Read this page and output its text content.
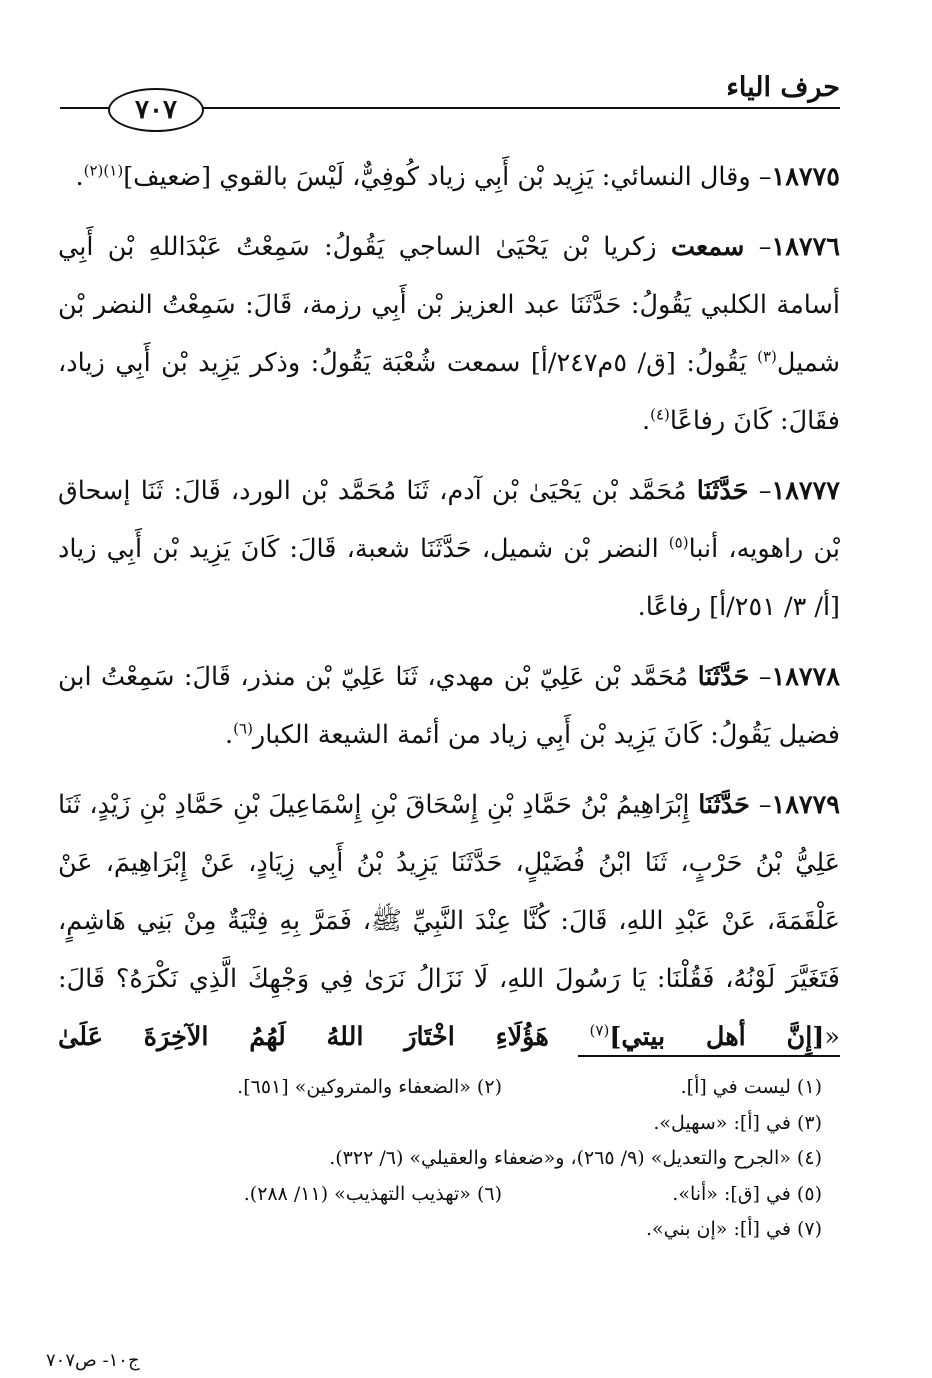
حرف الياء
٧٠٧

١٨٧٧٥– وقال النسائي: يَزِيد بْن أَبِي زياد كُوفِيٌّ، لَيْسَ بالقوي [ضعيف]$^{(١)(٢)}$.

١٨٧٧٦– سمعت زكريا بْن يَحْيَىٰ الساجي يَقُولُ: سَمِعْتُ عَبْدَاللهِ بْن أَبِي أسامة الكلبي يَقُولُ: حَدَّثَنَا عبد العزيز بْن أَبِي رزمة، قَالَ: سَمِعْتُ النضر بْن شميل$^{(٣)}$ يَقُولُ: [ق/ ٥م٢٤٧/أ] سمعت شُعْبَة يَقُولُ: وذكر يَزِيد بْن أَبِي زياد، فقَالَ: كَانَ رفاعًا$^{(٤)}$.

١٨٧٧٧– حَدَّثَنَا مُحَمَّد بْن يَحْيَىٰ بْن آدم، ثَنَا مُحَمَّد بْن الورد، قَالَ: ثَنَا إسحاق بْن راهويه، أنبا$^{(٥)}$ النضر بْن شميل، حَدَّثَنَا شعبة، قَالَ: كَانَ يَزِيد بْن أَبِي زياد [أ/ ٣/ ٢٥١/أ] رفاعًا.

١٨٧٧٨– حَدَّثَنَا مُحَمَّد بْن عَلِيّ بْن مهدي، ثَنَا عَلِيّ بْن منذر، قَالَ: سَمِعْتُ ابن فضيل يَقُولُ: كَانَ يَزِيد بْن أَبِي زياد من أئمة الشيعة الكبار$^{(٦)}$.

١٨٧٧٩– حَدَّثَنَا إِبْرَاهِيمُ بْنُ حَمَّادِ بْنِ إِسْحَاقَ بْنِ إِسْمَاعِيلَ بْنِ حَمَّادِ بْنِ زَيْدٍ، ثَنَا عَلِيُّ بْنُ حَرْبٍ، ثَنَا ابْنُ فُضَيْلٍ، حَدَّثَنَا يَزِيدُ بْنُ أَبِي زِيَادٍ، عَنْ إِبْرَاهِيمَ، عَنْ عَلْقَمَةَ، عَنْ عَبْدِ اللهِ، قَالَ: كُنَّا عِنْدَ النَّبِيِّ ﷺ، فَمَرَّ بِهِ فِتْيَةٌ مِنْ بَنِي هَاشِمٍ، فَتَغَيَّرَ لَوْنُهُ، فَقُلْنَا: يَا رَسُولَ اللهِ، لَا نَزَالُ نَرَىٰ فِي وَجْهِكَ الَّذِي نَكْرَهُ؟ قَالَ: «[إِنَّ أهل بيتي]$^{(٧)}$ هَؤُلَاءِ اخْتَارَ اللهُ لَهُمُ الآخِرَةَ عَلَىٰ

(١) ليست في [أ].
(٢) «الضعفاء والمتروكين» [٦٥١].
(٣) في [أ]: «سهيل».
(٤) «الجرح والتعديل» (٩/ ٢٦٥)، و«ضعفاء والعقيلي» (٦/ ٣٢٢).
(٥) في [ق]: «أنا».
(٦) «تهذيب التهذيب» (١١/ ٢٨٨).
(٧) في [أ]: «إن بني».
ج١٠- ص٧٠٧
